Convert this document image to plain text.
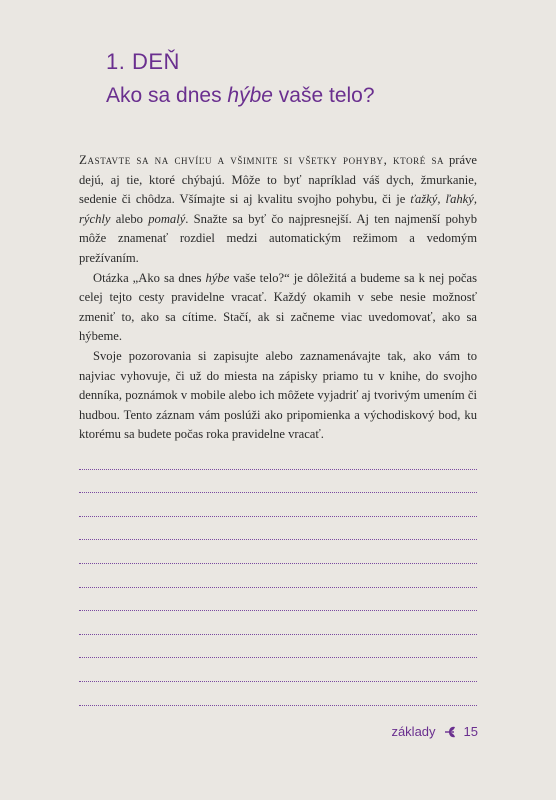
1. DEŇ
Ako sa dnes hýbe vaše telo?

Zastavte sa na chvíľu a všimnite si všetky pohyby, ktoré sa práve dejú, aj tie, ktoré chýbajú. Môže to byť napríklad váš dych, žmurkanie, sedenie či chôdza. Všímajte si aj kvalitu svojho pohybu, či je ťažký, ľahký, rýchly alebo pomalý. Snažte sa byť čo najpresnejší. Aj ten najmenší pohyb môže znamenať rozdiel medzi automatickým režimom a vedomým prežívaním.

Otázka „Ako sa dnes hýbe vaše telo?“ je dôležitá a budeme sa k nej počas celej tejto cesty pravidelne vracať. Každý okamih v sebe nesie možnosť zmeniť to, ako sa cítime. Stačí, ak si začneme viac uvedomovať, ako sa hýbeme.

Svoje pozorovania si zapisujte alebo zaznamenávajte tak, ako vám to najviac vyhovuje, či už do miesta na zápisky priamo tu v knihe, do svojho denníka, poznámok v mobile alebo ich môžete vyjadriť aj tvorivým umením či hudbou. Tento záznam vám poslúži ako pripomienka a východiskový bod, ku ktorému sa budete počas roka pravidelne vracať.

základy 15
